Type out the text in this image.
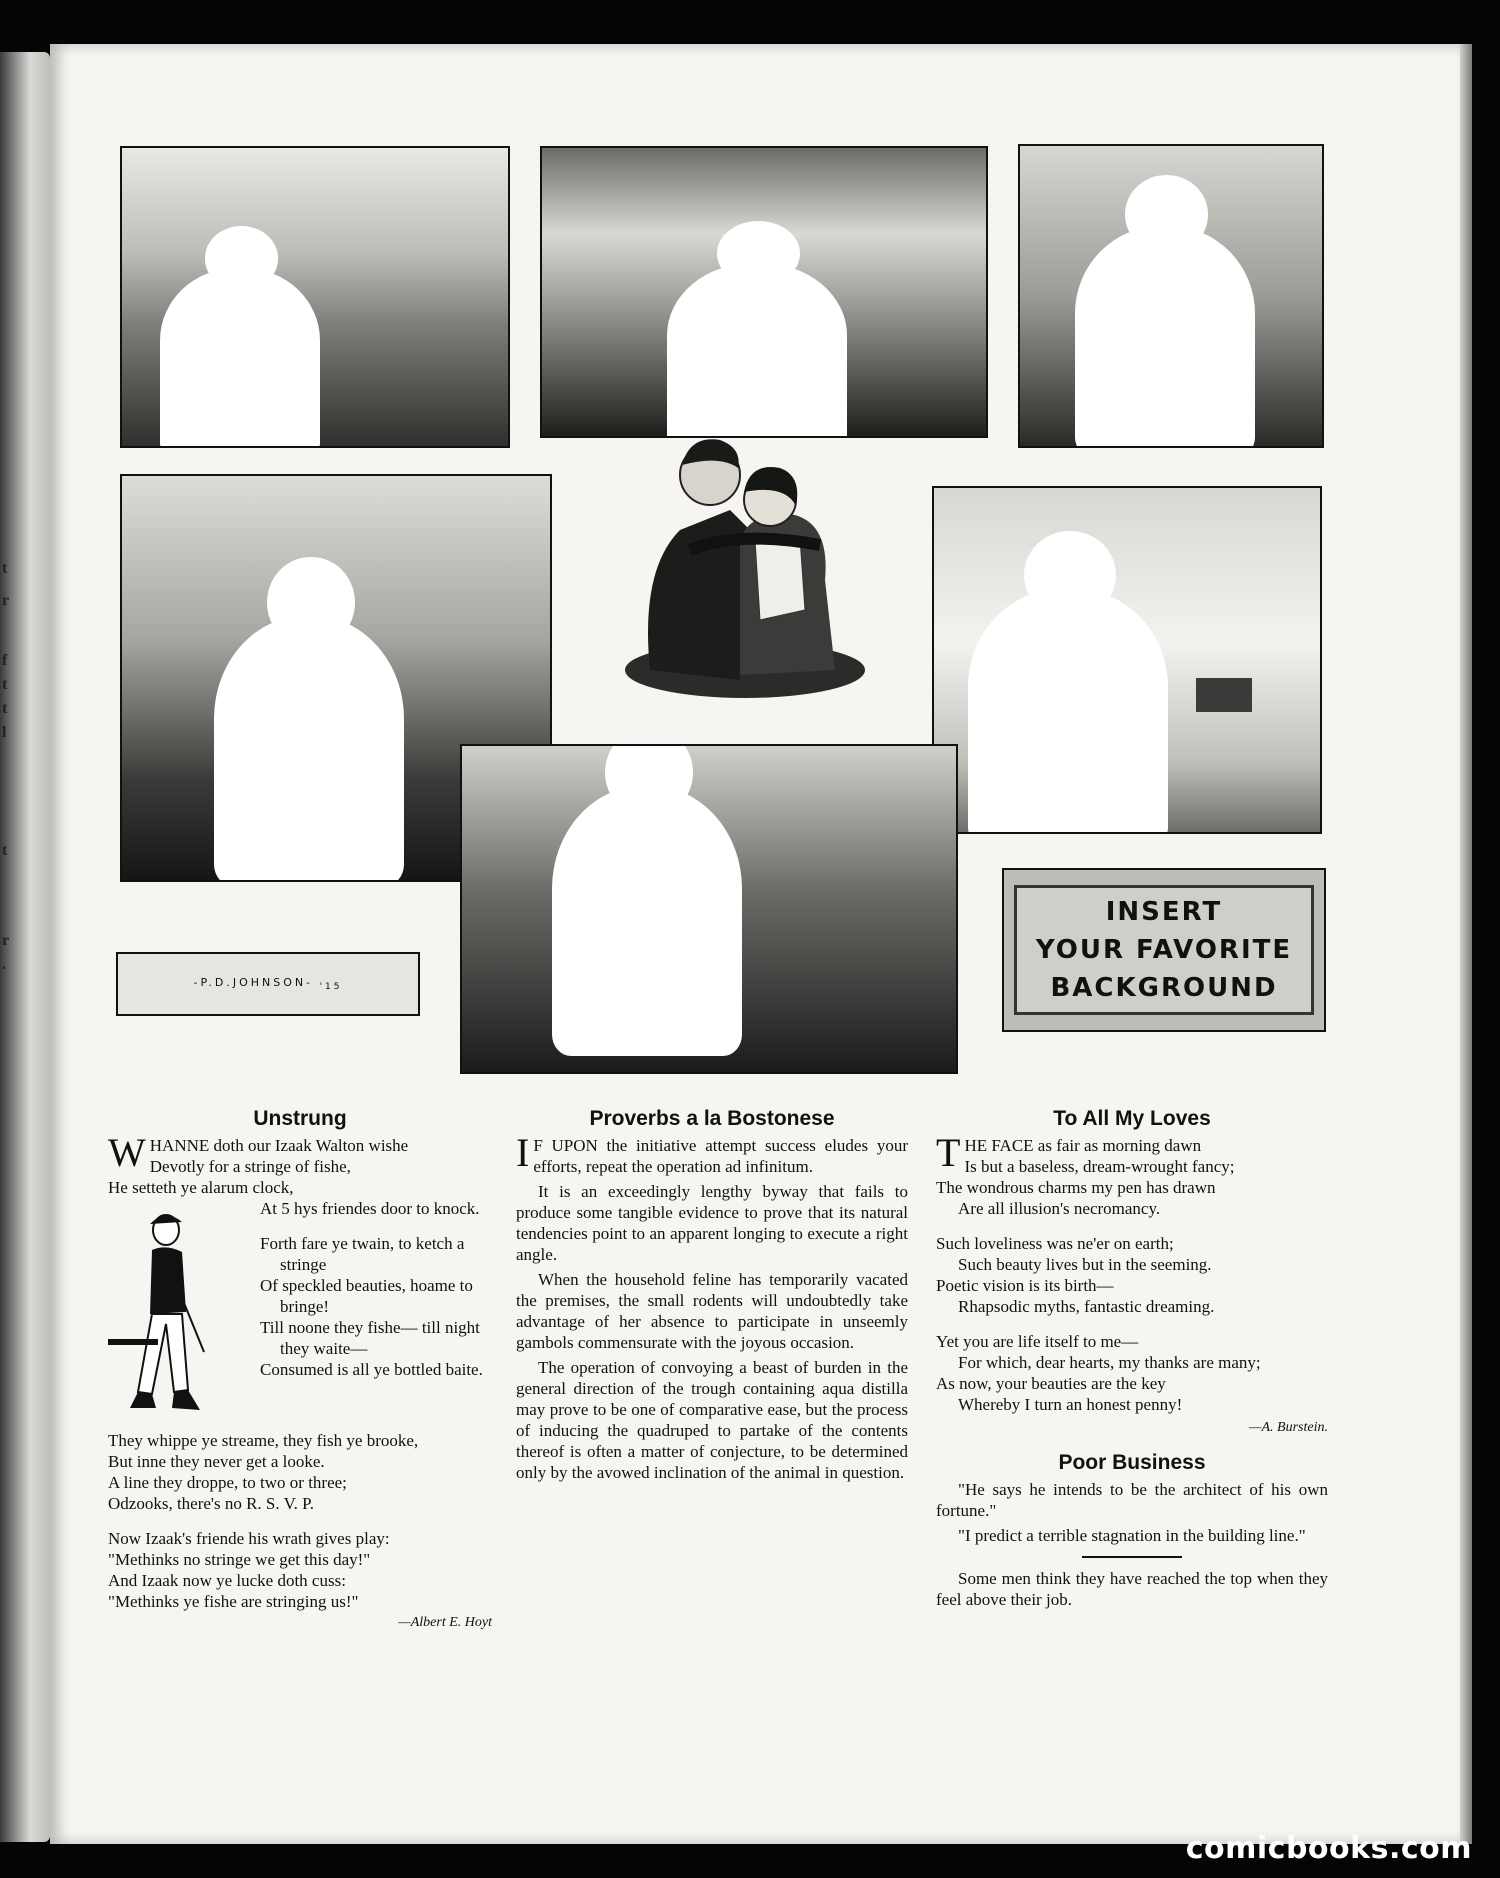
t
r
f
t
t
l
t
r
.
-P.D.JOHNSON- $_{'15}$
INSERT
YOUR FAVORITE
BACKGROUND
Unstrung

WHANNE doth our Izaak Walton wishe

Devotly for a stringe of fishe,

He setteth ye alarum clock,

At 5 hys friendes door to knock.

Forth fare ye twain, to ketch a stringe

Of speckled beauties, hoame to bringe!

Till noone they fishe— till night they waite—

Consumed is all ye bottled baite.

They whippe ye streame, they fish ye brooke,

But inne they never get a looke.

A line they droppe, to two or three;

Odzooks, there's no R. S. V. P.

Now Izaak's friende his wrath gives play:

"Methinks no stringe we get this day!"

And Izaak now ye lucke doth cuss:

"Methinks ye fishe are stringing us!"

—Albert E. Hoyt

Proverbs a la Bostonese

I F UPON the initiative attempt success eludes your efforts, repeat the operation ad infinitum.

It is an exceedingly lengthy byway that fails to produce some tangible evidence to prove that its natural tendencies point to an apparent longing to execute a right angle.

When the household feline has temporarily vacated the premises, the small rodents will undoubtedly take advantage of her absence to participate in unseemly gambols commensurate with the joyous occasion.

The operation of convoying a beast of burden in the general direction of the trough containing aqua distilla may prove to be one of comparative ease, but the process of inducing the quadruped to partake of the contents thereof is often a matter of conjecture, to be determined only by the avowed inclination of the animal in question.

To All My Loves

THE FACE as fair as morning dawn

Is but a baseless, dream-wrought fancy;

The wondrous charms my pen has drawn

Are all illusion's necromancy.

Such loveliness was ne'er on earth;

Such beauty lives but in the seeming.

Poetic vision is its birth—

Rhapsodic myths, fantastic dreaming.

Yet you are life itself to me—

For which, dear hearts, my thanks are many;

As now, your beauties are the key

Whereby I turn an honest penny!

—A. Burstein.

Poor Business

"He says he intends to be the architect of his own fortune."

"I predict a terrible stagnation in the building line."

Some men think they have reached the top when they feel above their job.

comicbooks.com
